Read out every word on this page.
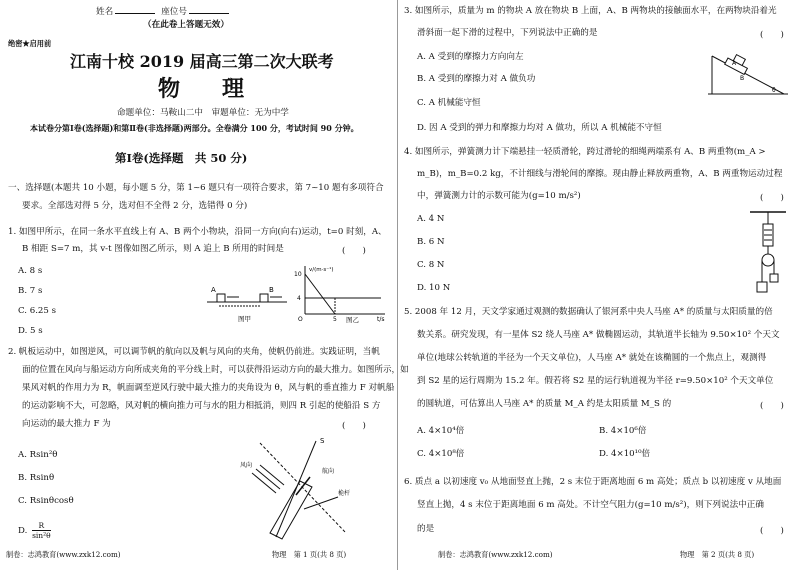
姓名	座位号
（在此卷上答题无效）
绝密★启用前
江南十校 2019 届高三第二次大联考
物　理
命题单位：马鞍山二中　审题单位：无为中学
本试卷分第Ⅰ卷(选择题)和第Ⅱ卷(非选择题)两部分。全卷满分 100 分，考试时间 90 分钟。
第Ⅰ卷(选择题　共 50 分)
一、选择题(本题共 10 小题，每小题 5 分，第 1~6 题只有一项符合要求，第 7~10 题有多项符合
要求。全部选对得 5 分，选对但不全得 2 分，选错得 0 分)
1. 如图甲所示，在同一条水平直线上有 A、B 两个小物块，沿同一方向(向右)运动，t=0 时刻，A、
B 相距 S=7 m，其 v-t 图像如图乙所示，则 A 追上 B 所用的时间是	(　　)
A. 8 s
B. 7 s
C. 6.25 s
D. 5 s
A	B
图甲
v/(m·s⁻¹)
10
4
O	5	t/s
图乙
2. 帆板运动中，如图逆风，可以调节帆的航向以及帆与风向的夹角，使帆仍前进。实践证明，当帆
面的位置在风向与船运动方向所成夹角的平分线上时，可以获得沿运动方向的最大推力。如图所示，如
果风对帆的作用力为 R，帆面调至逆风行驶中最大推力的夹角设为 θ，风与帆的垂直推力 F 对帆船
的运动影响不大，可忽略，风对帆的横向推力可与水的阻力相抵消，则四 R 引起的使船沿 S 方
向运动的最大推力 F 为	(　　)
A. Rsin²θ
B. Rsinθ
C. Rsinθcosθ
D. $\frac{R}{\text{sin²θ}}$
S
风向
航向
桅杆
制卷：志鸿教育(www.zxk12.com)	物理　第 1 页(共 8 页)
3. 如图所示，质量为 m 的物块 A 放在物块 B 上面，A、B 两物块的接触面水平，在两物块沿着光
滑斜面一起下滑的过程中，下列说法中正确的是	(　　)
A. A 受到的摩擦力方向向左
B. A 受到的摩擦力对 A 做负功
C. A 机械能守恒
D. 因 A 受到的弹力和摩擦力均对 A 做功，所以 A 机械能不守恒
A
B
θ
4. 如图所示，弹簧测力计下端悬挂一轻质滑轮，跨过滑轮的细绳两端系有 A、B 两重物(m_A >
m_B)，m_B=0.2 kg，不计细线与滑轮间的摩擦。现由静止释放两重物，A、B 两重物运动过程
中，弹簧测力计的示数可能为(g=10 m/s²)	(　　)
A. 4 N
B. 6 N
C. 8 N
D. 10 N
5. 2008 年 12 月，天文学家通过观测的数据确认了银河系中央人马座 A* 的质量与太阳质量的倍
数关系。研究发现，有一星体 S2 绕人马座 A* 做椭圆运动，其轨道半长轴为 9.50×10² 个天文
单位(地球公转轨道的半径为一个天文单位)，人马座 A* 就处在该椭圆的一个焦点上，观测得
到 S2 星的运行周期为 15.2 年。假若将 S2 星的运行轨道视为半径 r=9.50×10² 个天文单位
的圆轨道，可估算出人马座 A* 的质量 M_A 约是太阳质量 M_S 的	(　　)
A. 4×10⁴倍	B. 4×10⁶倍
C. 4×10⁸倍	D. 4×10¹⁰倍
6. 质点 a 以初速度 v₀ 从地面竖直上抛，2 s 末位于距离地面 6 m 高处；质点 b 以初速度 v 从地面
竖直上抛，4 s 末位于距离地面 6 m 高处。不计空气阻力(g=10 m/s²)，则下列说法中正确
的是	(　　)
制卷：志鸿教育(www.zxk12.com)	物理　第 2 页(共 8 页)
